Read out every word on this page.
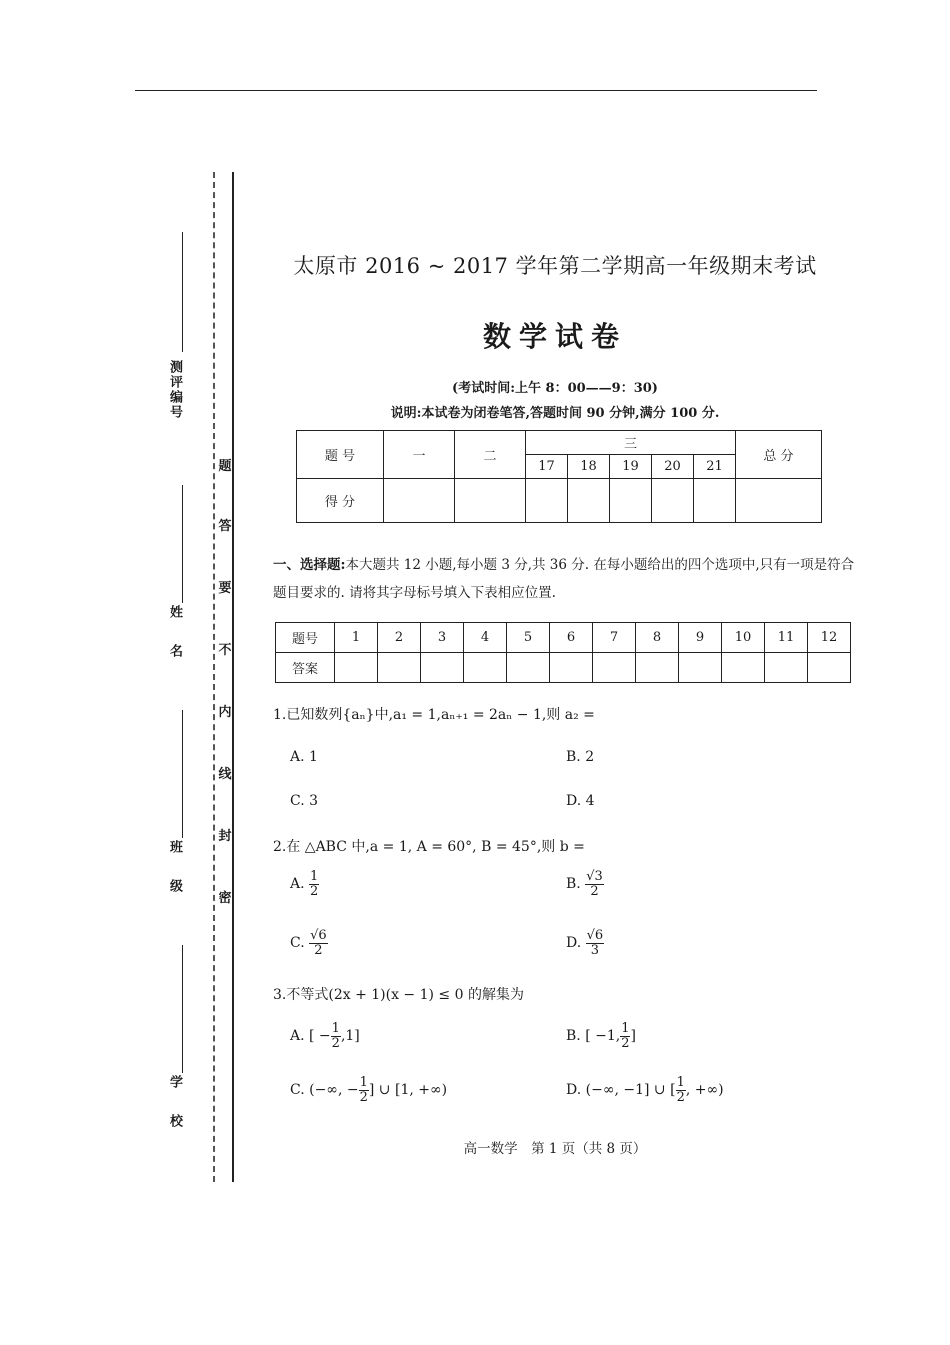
测评编号
姓名
班级
学校
题
答
要
不
内
线
封
密
太原市 2016 ~ 2017 学年第二学期高一年级期末考试
数学试卷
(考试时间:上午 8：00——9：30)
说明:本试卷为闭卷笔答,答题时间 90 分钟,满分 100 分.
题 号	一	二	三					总 分
			17	18	19	20	21	
得 分								
一、选择题:本大题共 12 小题,每小题 3 分,共 36 分. 在每小题给出的四个选项中,只有一项是符合题目要求的. 请将其字母标号填入下表相应位置.
题号	1	2	3	4	5	6	7	8	9	10	11	12
答案												
1.已知数列{aₙ}中,a₁ = 1,aₙ₊₁ = 2aₙ − 1,则 a₂ =
A. 1	B. 2
C. 3	D. 4
2.在 △ABC 中,a = 1, A = 60°, B = 45°,则 b =
A. $\frac{1}{2}$	B. $\frac{√3}{2}$
C. $\frac{√6}{2}$	D. $\frac{√6}{3}$
3.不等式(2x + 1)(x − 1) ≤ 0 的解集为
A. [ − $\frac{1}{2} ,1$]	B. [ −1, $\frac{1}{2}$ ]
C. (−∞, − $\frac{1}{2}$ ] ∪ [1, +∞)	D. (−∞, −1] ∪ [ $\frac{1}{2}$ , +∞)
高一数学　第 1 页（共 8 页）
